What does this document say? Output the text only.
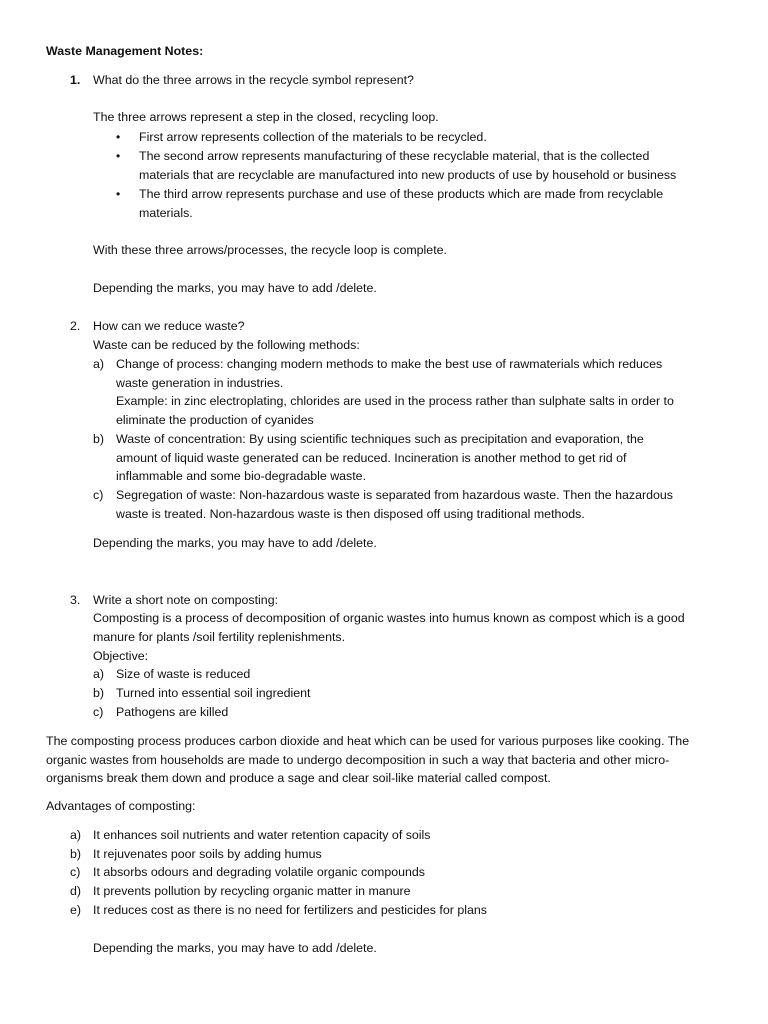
Waste Management Notes:
1. What do the three arrows in the recycle symbol represent?
The three arrows represent a step in the closed, recycling loop.
• First arrow represents collection of the materials to be recycled.
• The second arrow represents manufacturing of these recyclable material, that is the collected
materials that are recyclable are manufactured into new products of use by household or business
• The third arrow represents purchase and use of these products which are made from recyclable
materials.
With these three arrows/processes, the recycle loop is complete.
Depending the marks, you may have to add /delete.
2. How can we reduce waste?
Waste can be reduced by the following methods:
a) Change of process: changing modern methods to make the best use of rawmaterials which reduces
waste generation in industries.
Example: in zinc electroplating, chlorides are used in the process rather than sulphate salts in order to
eliminate the production of cyanides
b) Waste of concentration: By using scientific techniques such as precipitation and evaporation, the
amount of liquid waste generated can be reduced. Incineration is another method to get rid of
inflammable and some bio-degradable waste.
c) Segregation of waste: Non-hazardous waste is separated from hazardous waste. Then the hazardous
waste is treated. Non-hazardous waste is then disposed off using traditional methods.
Depending the marks, you may have to add /delete.
3. Write a short note on composting:
Composting is a process of decomposition of organic wastes into humus known as compost which is a good
manure for plants /soil fertility replenishments.
Objective:
a) Size of waste is reduced
b) Turned into essential soil ingredient
c) Pathogens are killed
The composting process produces carbon dioxide and heat which can be used for various purposes like cooking. The
organic wastes from households are made to undergo decomposition in such a way that bacteria and other micro-
organisms break them down and produce a sage and clear soil-like material called compost.
Advantages of composting:
a) It enhances soil nutrients and water retention capacity of soils
b) It rejuvenates poor soils by adding humus
c) It absorbs odours and degrading volatile organic compounds
d) It prevents pollution by recycling organic matter in manure
e) It reduces cost as there is no need for fertilizers and pesticides for plans
Depending the marks, you may have to add /delete.
